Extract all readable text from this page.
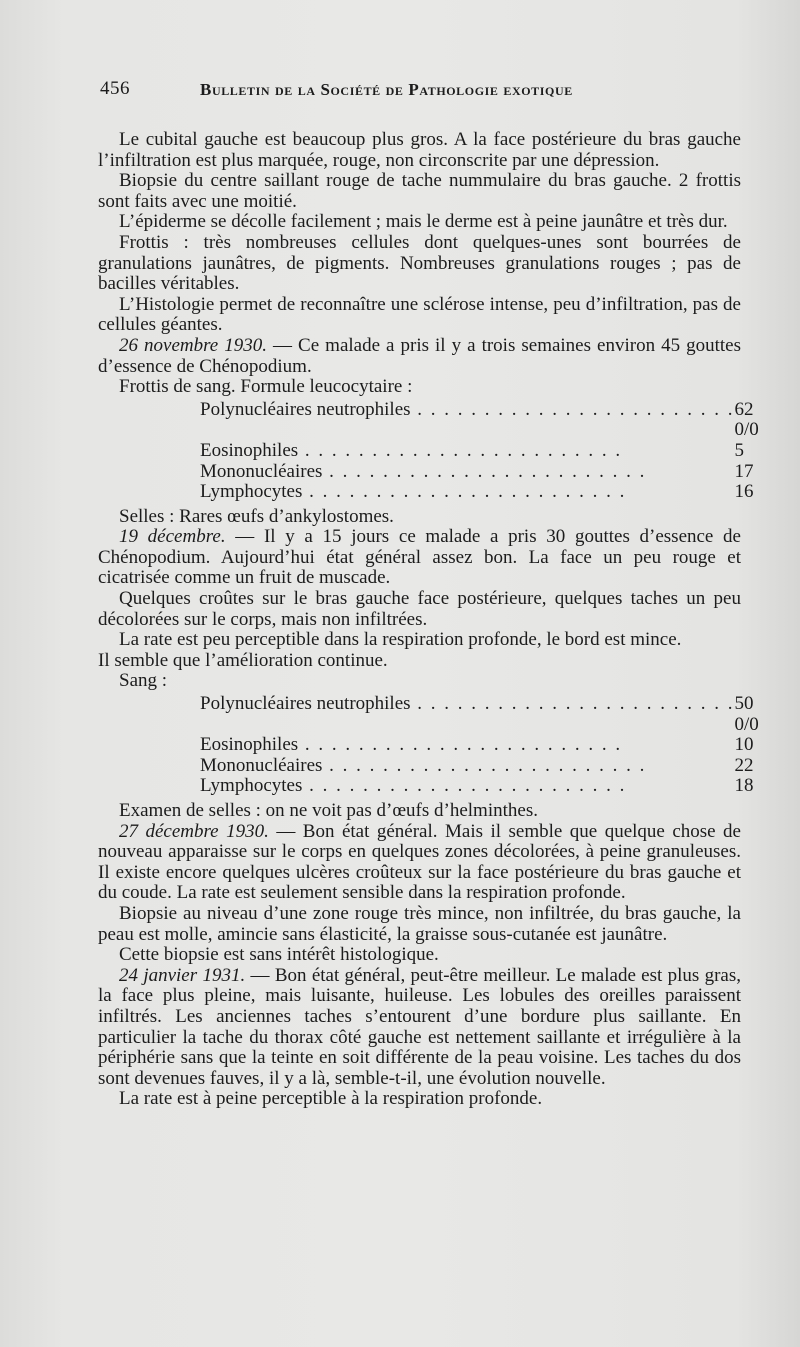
456	Bulletin de la Société de Pathologie exotique

Le cubital gauche est beaucoup plus gros. A la face postérieure du bras gauche l’infiltration est plus marquée, rouge, non circonscrite par une dépression.

Biopsie du centre saillant rouge de tache nummulaire du bras gauche. 2 frottis sont faits avec une moitié.

L’épiderme se décolle facilement ; mais le derme est à peine jaunâtre et très dur.

Frottis : très nombreuses cellules dont quelques-unes sont bourrées de granulations jaunâtres, de pigments. Nombreuses granulations rouges ; pas de bacilles véritables.

L’Histologie permet de reconnaître une sclérose intense, peu d’infiltration, pas de cellules géantes.

26 novembre 1930. — Ce malade a pris il y a trois semaines environ 45 gouttes d’essence de Chénopodium.

Frottis de sang. Formule leucocytaire :

Polynucléaires neutrophiles . . .	62 0/0
Eosinophiles . . .	5
Mononucléaires . . .	17
Lymphocytes . . .	16

Selles : Rares œufs d’ankylostomes.

19 décembre. — Il y a 15 jours ce malade a pris 30 gouttes d’essence de Chénopodium. Aujourd’hui état général assez bon. La face un peu rouge et cicatrisée comme un fruit de muscade.

Quelques croûtes sur le bras gauche face postérieure, quelques taches un peu décolorées sur le corps, mais non infiltrées.

La rate est peu perceptible dans la respiration profonde, le bord est mince.

Il semble que l’amélioration continue.

Sang :

Polynucléaires neutrophiles . . .	50 0/0
Eosinophiles . . .	10
Mononucléaires . . .	22
Lymphocytes . . .	18

Examen de selles : on ne voit pas d’œufs d’helminthes.

27 décembre 1930. — Bon état général. Mais il semble que quelque chose de nouveau apparaisse sur le corps en quelques zones décolorées, à peine granuleuses. Il existe encore quelques ulcères croûteux sur la face postérieure du bras gauche et du coude. La rate est seulement sensible dans la respiration profonde.

Biopsie au niveau d’une zone rouge très mince, non infiltrée, du bras gauche, la peau est molle, amincie sans élasticité, la graisse sous-cutanée est jaunâtre.

Cette biopsie est sans intérêt histologique.

24 janvier 1931. — Bon état général, peut-être meilleur. Le malade est plus gras, la face plus pleine, mais luisante, huileuse. Les lobules des oreilles paraissent infiltrés. Les anciennes taches s’entourent d’une bordure plus saillante. En particulier la tache du thorax côté gauche est nettement saillante et irrégulière à la périphérie sans que la teinte en soit différente de la peau voisine. Les taches du dos sont devenues fauves, il y a là, semble-t-il, une évolution nouvelle.

La rate est à peine perceptible à la respiration profonde.
